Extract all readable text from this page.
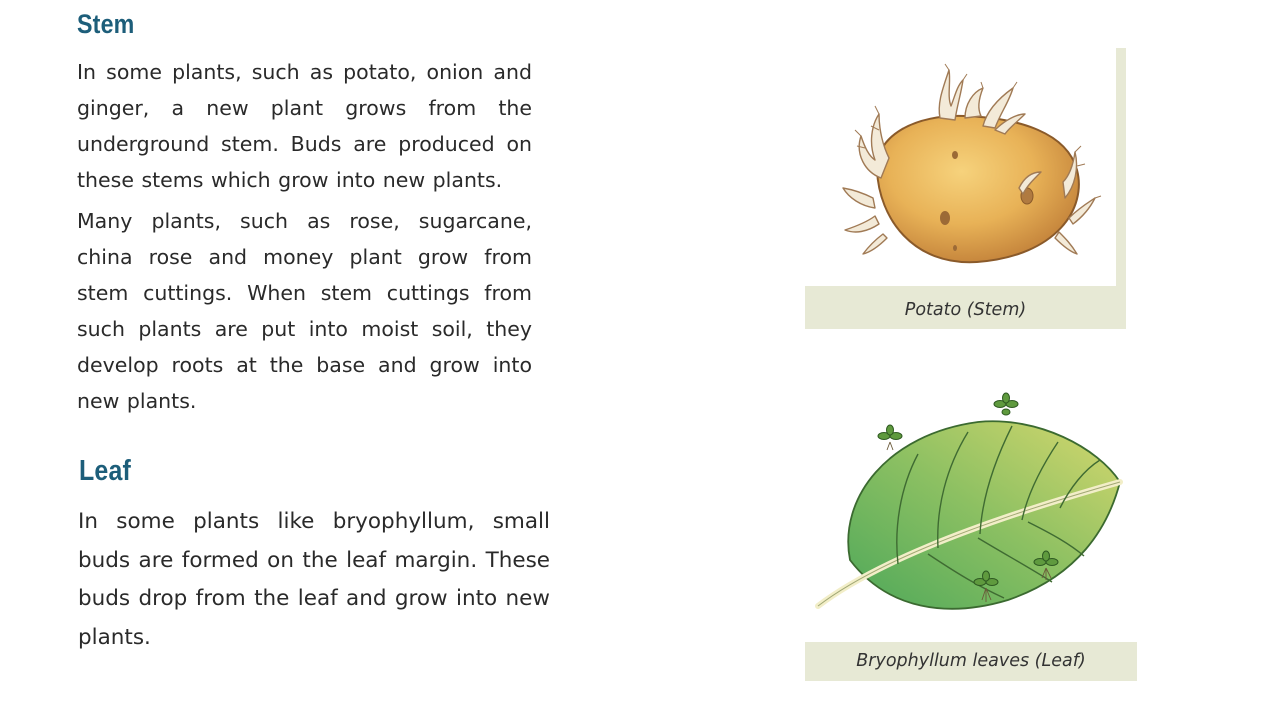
Stem

In some plants, such as potato, onion and ginger, a new plant grows from the underground stem. Buds are produced on these stems which grow into new plants.

Many plants, such as rose, sugarcane, china rose and money plant grow from stem cuttings. When stem cuttings from such plants are put into moist soil, they develop roots at the base and grow into new plants.

Leaf

In some plants like bryophyllum, small buds are formed on the leaf margin. These buds drop from the leaf and grow into new plants.

Potato (Stem)

Bryophyllum leaves (Leaf)
